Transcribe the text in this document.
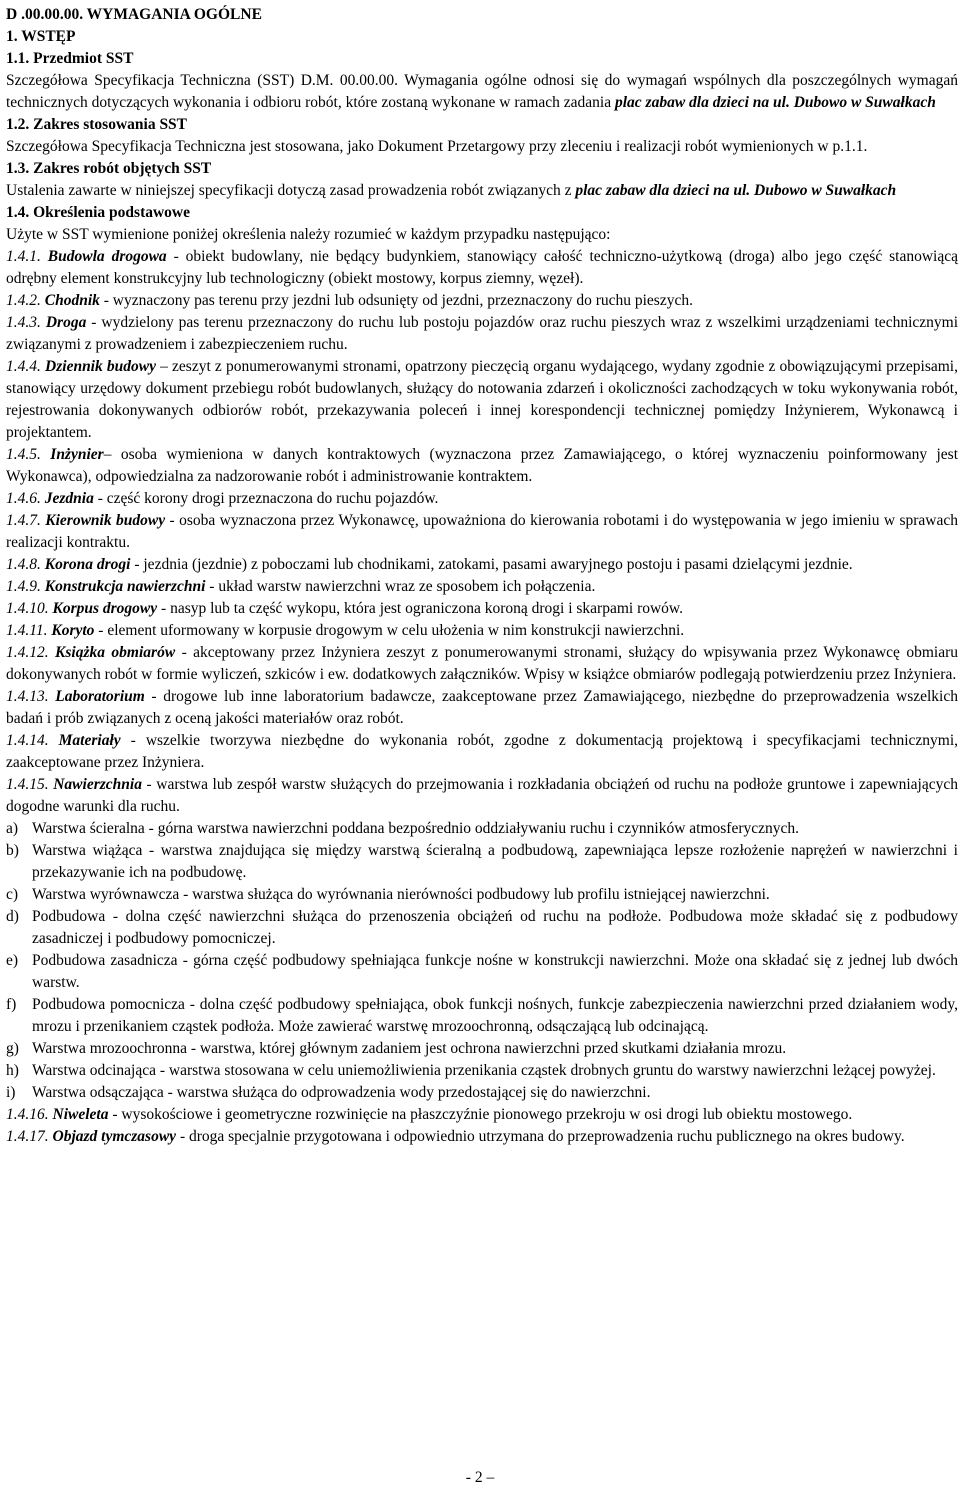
D .00.00.00. WYMAGANIA OGÓLNE

1. WSTĘP

1.1. Przedmiot SST

Szczegółowa Specyfikacja Techniczna (SST) D.M. 00.00.00. Wymagania ogólne odnosi się do wymagań wspólnych dla poszczególnych wymagań technicznych dotyczących wykonania i odbioru robót, które zostaną wykonane w ramach zadania plac zabaw dla dzieci na ul. Dubowo w Suwałkach

1.2. Zakres stosowania SST

Szczegółowa Specyfikacja Techniczna jest stosowana, jako Dokument Przetargowy przy zleceniu i realizacji robót wymienionych w p.1.1.

1.3. Zakres robót objętych SST

Ustalenia zawarte w niniejszej specyfikacji dotyczą zasad prowadzenia robót związanych z plac zabaw dla dzieci na ul. Dubowo w Suwałkach

1.4. Określenia podstawowe

Użyte w SST wymienione poniżej określenia należy rozumieć w każdym przypadku następująco:

1.4.1. Budowla drogowa - obiekt budowlany, nie będący budynkiem, stanowiący całość techniczno-użytkową (droga) albo jego część stanowiącą odrębny element konstrukcyjny lub technologiczny (obiekt mostowy, korpus ziemny, węzeł).

1.4.2. Chodnik - wyznaczony pas terenu przy jezdni lub odsunięty od jezdni, przeznaczony do ruchu pieszych.

1.4.3. Droga - wydzielony pas terenu przeznaczony do ruchu lub postoju pojazdów oraz ruchu pieszych wraz z wszelkimi urządzeniami technicznymi związanymi z prowadzeniem i zabezpieczeniem ruchu.

1.4.4. Dziennik budowy – zeszyt z ponumerowanymi stronami, opatrzony pieczęcią organu wydającego, wydany zgodnie z obowiązującymi przepisami, stanowiący urzędowy dokument przebiegu robót budowlanych, służący do notowania zdarzeń i okoliczności zachodzących w toku wykonywania robót, rejestrowania dokonywanych odbiorów robót, przekazywania poleceń i innej korespondencji technicznej pomiędzy Inżynierem, Wykonawcą i projektantem.

1.4.5. Inżynier– osoba wymieniona w danych kontraktowych (wyznaczona przez Zamawiającego, o której wyznaczeniu poinformowany jest Wykonawca), odpowiedzialna za nadzorowanie robót i administrowanie kontraktem.

1.4.6. Jezdnia - część korony drogi przeznaczona do ruchu pojazdów.

1.4.7. Kierownik budowy - osoba wyznaczona przez Wykonawcę, upoważniona do kierowania robotami i do występowania w jego imieniu w sprawach realizacji kontraktu.

1.4.8. Korona drogi - jezdnia (jezdnie) z poboczami lub chodnikami, zatokami, pasami awaryjnego postoju i pasami dzielącymi jezdnie.

1.4.9. Konstrukcja nawierzchni - układ warstw nawierzchni wraz ze sposobem ich połączenia.

1.4.10. Korpus drogowy - nasyp lub ta część wykopu, która jest ograniczona koroną drogi i skarpami rowów.

1.4.11. Koryto - element uformowany w korpusie drogowym w celu ułożenia w nim konstrukcji nawierzchni.

1.4.12. Książka obmiarów - akceptowany przez Inżyniera zeszyt z ponumerowanymi stronami, służący do wpisywania przez Wykonawcę obmiaru dokonywanych robót w formie wyliczeń, szkiców i ew. dodatkowych załączników. Wpisy w książce obmiarów podlegają potwierdzeniu przez Inżyniera.

1.4.13. Laboratorium - drogowe lub inne laboratorium badawcze, zaakceptowane przez Zamawiającego, niezbędne do przeprowadzenia wszelkich badań i prób związanych z oceną jakości materiałów oraz robót.

1.4.14. Materiały - wszelkie tworzywa niezbędne do wykonania robót, zgodne z dokumentacją projektową i specyfikacjami technicznymi, zaakceptowane przez Inżyniera.

1.4.15. Nawierzchnia - warstwa lub zespół warstw służących do przejmowania i rozkładania obciążeń od ruchu na podłoże gruntowe i zapewniających dogodne warunki dla ruchu.

a) Warstwa ścieralna - górna warstwa nawierzchni poddana bezpośrednio oddziaływaniu ruchu i czynników atmosferycznych.
b) Warstwa wiążąca - warstwa znajdująca się między warstwą ścieralną a podbudową, zapewniająca lepsze rozłożenie naprężeń w nawierzchni i przekazywanie ich na podbudowę.
c) Warstwa wyrównawcza - warstwa służąca do wyrównania nierówności podbudowy lub profilu istniejącej nawierzchni.
d) Podbudowa - dolna część nawierzchni służąca do przenoszenia obciążeń od ruchu na podłoże. Podbudowa może składać się z podbudowy zasadniczej i podbudowy pomocniczej.
e) Podbudowa zasadnicza - górna część podbudowy spełniająca funkcje nośne w konstrukcji nawierzchni. Może ona składać się z jednej lub dwóch warstw.
f)	Podbudowa pomocnicza - dolna część podbudowy spełniająca, obok funkcji nośnych, funkcje zabezpieczenia nawierzchni przed działaniem wody, mrozu i przenikaniem cząstek podłoża. Może zawierać warstwę mrozoochronną, odsączającą lub odcinającą.
g) Warstwa mrozoochronna - warstwa, której głównym zadaniem jest ochrona nawierzchni przed skutkami działania mrozu.
h) Warstwa odcinająca - warstwa stosowana w celu uniemożliwienia przenikania cząstek drobnych gruntu do warstwy nawierzchni leżącej powyżej.
i)	Warstwa odsączająca - warstwa służąca do odprowadzenia wody przedostającej się do nawierzchni.

1.4.16. Niweleta - wysokościowe i geometryczne rozwinięcie na płaszczyźnie pionowego przekroju w osi drogi lub obiektu mostowego.

1.4.17. Objazd tymczasowy - droga specjalnie przygotowana i odpowiednio utrzymana do przeprowadzenia ruchu publicznego na okres budowy.

- 2 –
